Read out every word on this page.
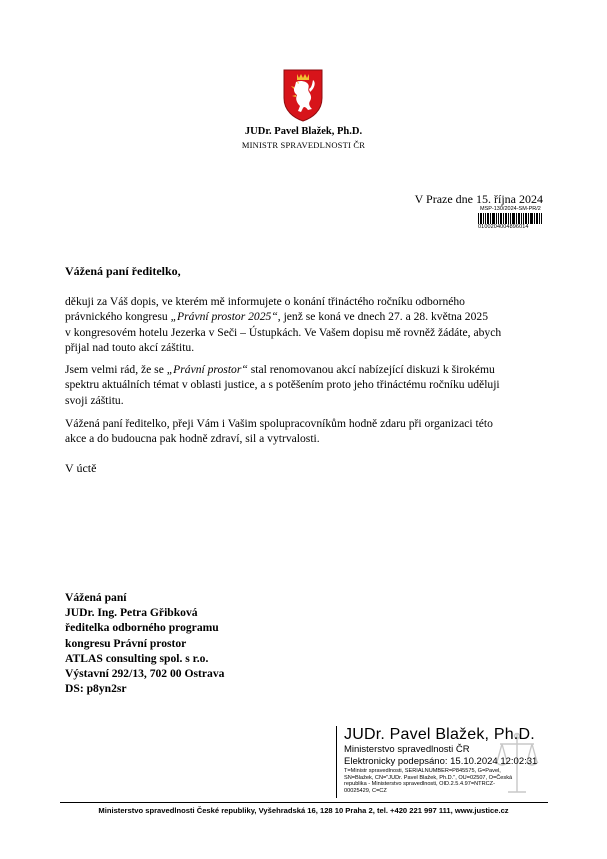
JUDr. Pavel Blažek, Ph.D.
MINISTR SPRAVEDLNOSTI ČR
V Praze dne 15. října 2024
MSP-130/2024-SM-PR/2
0100204004896014
Vážená paní ředitelko,
děkuji za Váš dopis, ve kterém mě informujete o konání třináctého ročníku odborného
právnického kongresu „Právní prostor 2025“, jenž se koná ve dnech 27. a 28. května 2025
v kongresovém hotelu Jezerka v Seči – Ústupkách. Ve Vašem dopisu mě rovněž žádáte, abych
přijal nad touto akcí záštitu.
Jsem velmi rád, že se „Právní prostor“ stal renomovanou akcí nabízející diskuzi k širokému
spektru aktuálních témat v oblasti justice, a s potěšením proto jeho třináctému ročníku uděluji
svoji záštitu.
Vážená paní ředitelko, přeji Vám i Vašim spolupracovníkům hodně zdaru při organizaci této
akce a do budoucna pak hodně zdraví, sil a vytrvalosti.
V úctě
Vážená paní
JUDr. Ing. Petra Gřibková
ředitelka odborného programu
kongresu Právní prostor
ATLAS consulting spol. s r.o.
Výstavní 292/13, 702 00 Ostrava
DS: p8yn2sr
JUDr. Pavel Blažek, Ph.D.
Ministerstvo spravedlnosti ČR
Elektronicky podepsáno: 15.10.2024 12:02:31
T=Ministr spravedlnosti, SERIALNUMBER=P845575, G=Pavel,
SN=Blažek, CN="JUDr. Pavel Blažek, Ph.D.", OU=02507, O=Česká
republika - Ministerstvo spravedlnosti, OID.2.5.4.97=NTRCZ-
00025429, C=CZ
Ministerstvo spravedlnosti České republiky, Vyšehradská 16, 128 10 Praha 2, tel. +420 221 997 111, www.justice.cz
